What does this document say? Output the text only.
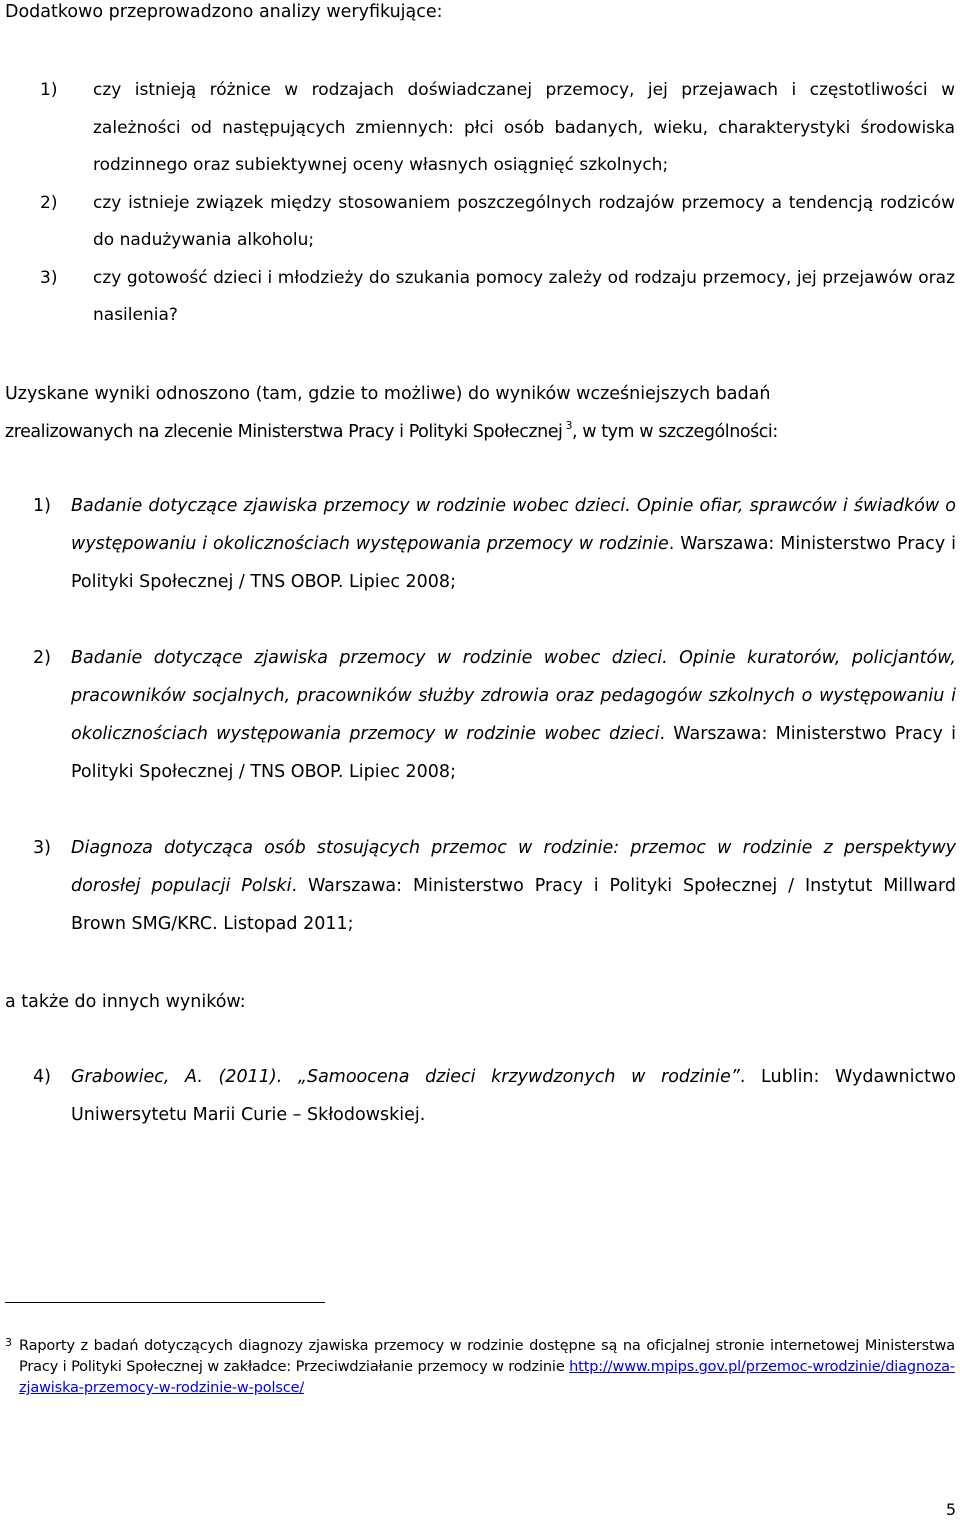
Dodatkowo przeprowadzono analizy weryfikujące:

1) czy istnieją różnice w rodzajach doświadczanej przemocy, jej przejawach i częstotliwości w zależności od następujących zmiennych: płci osób badanych, wieku, charakterystyki środowiska rodzinnego oraz subiektywnej oceny własnych osiągnięć szkolnych;
2) czy istnieje związek między stosowaniem poszczególnych rodzajów przemocy a tendencją rodziców do nadużywania alkoholu;
3) czy gotowość dzieci i młodzieży do szukania pomocy zależy od rodzaju przemocy, jej przejawów oraz nasilenia?

Uzyskane wyniki odnoszono (tam, gdzie to możliwe) do wyników wcześniejszych badań
zrealizowanych na zlecenie Ministerstwa Pracy i Polityki Społecznej $^3$, w tym w szczególności:

1) Badanie dotyczące zjawiska przemocy w rodzinie wobec dzieci. Opinie ofiar, sprawców i świadków o występowaniu i okolicznościach występowania przemocy w rodzinie. Warszawa: Ministerstwo Pracy i Polityki Społecznej / TNS OBOP. Lipiec 2008;
2) Badanie dotyczące zjawiska przemocy w rodzinie wobec dzieci. Opinie kuratorów, policjantów, pracowników socjalnych, pracowników służby zdrowia oraz pedagogów szkolnych o występowaniu i okolicznościach występowania przemocy w rodzinie wobec dzieci. Warszawa: Ministerstwo Pracy i Polityki Społecznej / TNS OBOP. Lipiec 2008;
3) Diagnoza dotycząca osób stosujących przemoc w rodzinie: przemoc w rodzinie z perspektywy dorosłej populacji Polski. Warszawa: Ministerstwo Pracy i Polityki Społecznej / Instytut Millward Brown SMG/KRC. Listopad 2011;

a także do innych wyników:

4) Grabowiec, A. (2011). „Samoocena dzieci krzywdzonych w rodzinie”. Lublin: Wydawnictwo Uniwersytetu Marii Curie – Skłodowskiej.
3 Raporty z badań dotyczących diagnozy zjawiska przemocy w rodzinie dostępne są na oficjalnej stronie internetowej Ministerstwa Pracy i Polityki Społecznej w zakładce: Przeciwdziałanie przemocy w rodzinie http://www.mpips.gov.pl/przemoc-wrodzinie/diagnoza-zjawiska-przemocy-w-rodzinie-w-polsce/
5
